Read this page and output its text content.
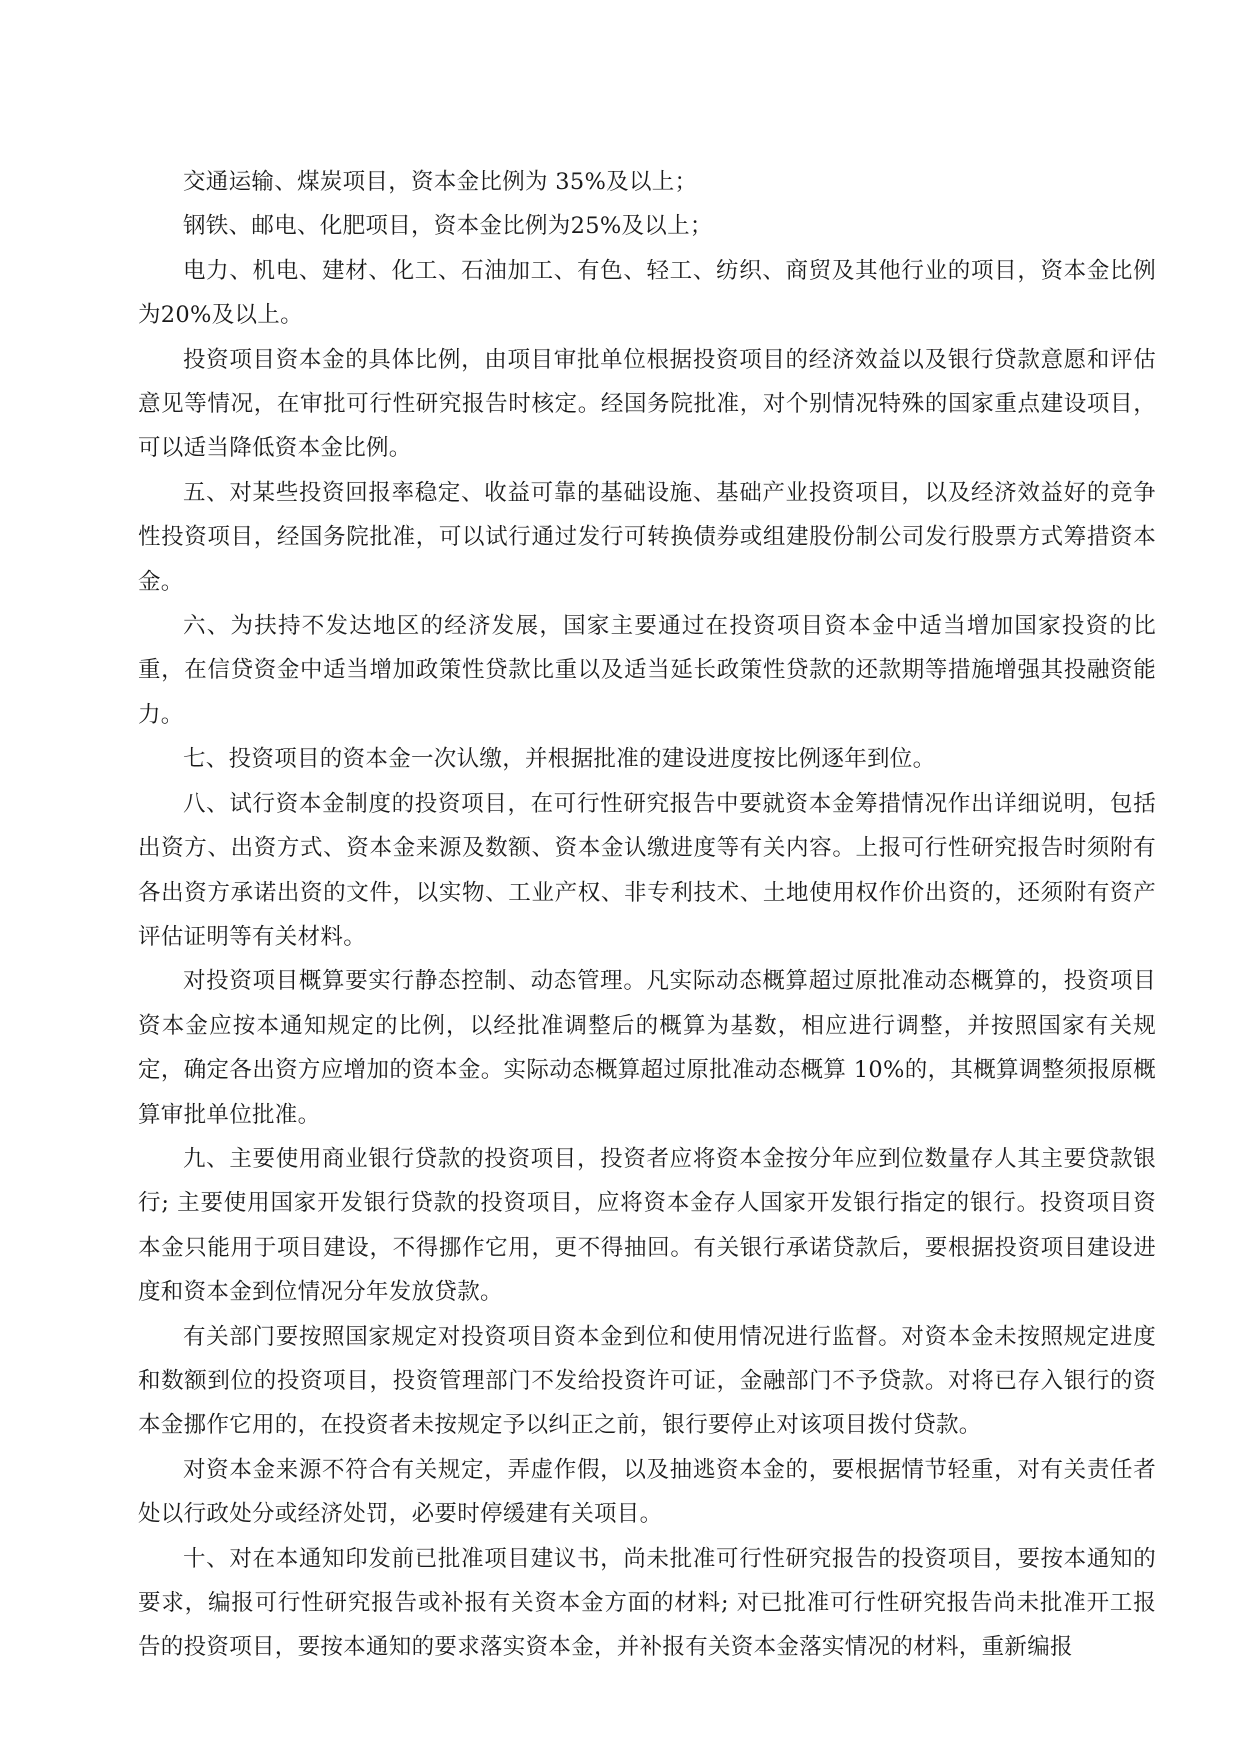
交通运输、煤炭项目，资本金比例为 35%及以上；

钢铁、邮电、化肥项目，资本金比例为25%及以上；

电力、机电、建材、化工、石油加工、有色、轻工、纺织、商贸及其他行业的项目，资本金比例为20%及以上。

投资项目资本金的具体比例，由项目审批单位根据投资项目的经济效益以及银行贷款意愿和评估意见等情况，在审批可行性研究报告时核定。经国务院批准，对个别情况特殊的国家重点建设项目，可以适当降低资本金比例。

五、对某些投资回报率稳定、收益可靠的基础设施、基础产业投资项目，以及经济效益好的竞争性投资项目，经国务院批准，可以试行通过发行可转换债券或组建股份制公司发行股票方式筹措资本金。

六、为扶持不发达地区的经济发展，国家主要通过在投资项目资本金中适当增加国家投资的比重，在信贷资金中适当增加政策性贷款比重以及适当延长政策性贷款的还款期等措施增强其投融资能力。

七、投资项目的资本金一次认缴，并根据批准的建设进度按比例逐年到位。

八、试行资本金制度的投资项目，在可行性研究报告中要就资本金筹措情况作出详细说明，包括出资方、出资方式、资本金来源及数额、资本金认缴进度等有关内容。上报可行性研究报告时须附有各出资方承诺出资的文件，以实物、工业产权、非专利技术、土地使用权作价出资的，还须附有资产评估证明等有关材料。

对投资项目概算要实行静态控制、动态管理。凡实际动态概算超过原批准动态概算的，投资项目资本金应按本通知规定的比例，以经批准调整后的概算为基数，相应进行调整，并按照国家有关规定，确定各出资方应增加的资本金。实际动态概算超过原批准动态概算 10%的，其概算调整须报原概算审批单位批准。

九、主要使用商业银行贷款的投资项目，投资者应将资本金按分年应到位数量存人其主要贷款银行; 主要使用国家开发银行贷款的投资项目，应将资本金存人国家开发银行指定的银行。投资项目资本金只能用于项目建设，不得挪作它用，更不得抽回。有关银行承诺贷款后，要根据投资项目建设进度和资本金到位情况分年发放贷款。

有关部门要按照国家规定对投资项目资本金到位和使用情况进行监督。对资本金未按照规定进度和数额到位的投资项目，投资管理部门不发给投资许可证，金融部门不予贷款。对将已存入银行的资本金挪作它用的，在投资者未按规定予以纠正之前，银行要停止对该项目拨付贷款。

对资本金来源不符合有关规定，弄虚作假，以及抽逃资本金的，要根据情节轻重，对有关责任者处以行政处分或经济处罚，必要时停缓建有关项目。

十、对在本通知印发前已批准项目建议书，尚未批准可行性研究报告的投资项目，要按本通知的要求，编报可行性研究报告或补报有关资本金方面的材料; 对已批准可行性研究报告尚未批准开工报告的投资项目，要按本通知的要求落实资本金，并补报有关资本金落实情况的材料，重新编报
